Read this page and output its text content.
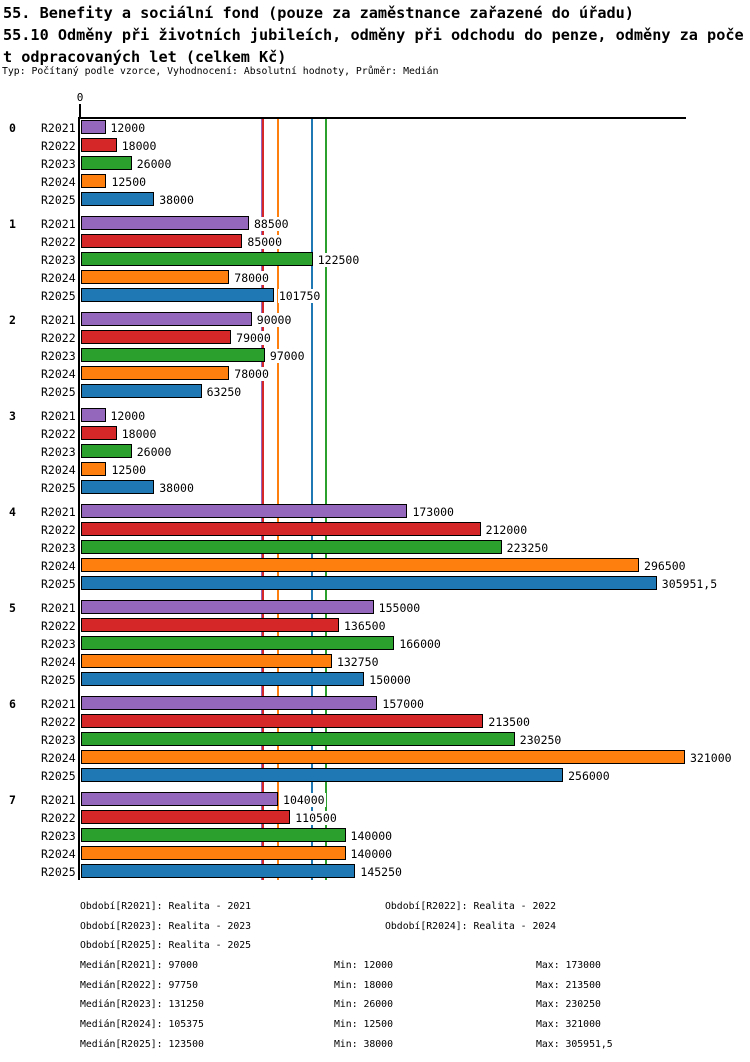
55. Benefity a sociální fond (pouze za zaměstnance zařazené do úřadu)
55.10 Odměny při životních jubileích, odměny při odchodu do penze, odměny za poče
t odpracovaných let (celkem Kč)
Typ: Počítaný podle vzorce, Vyhodnocení: Absolutní hodnoty, Průměr: Medián
0
0 R2021	12000
R2022	18000
R2023	26000
R2024	12500
R2025	38000
1 R2021	88500
R2022	85000
R2023	122500
R2024	78000
R2025	101750
2 R2021	90000
R2022	79000
R2023	97000
R2024	78000
R2025	63250
3 R2021	12000
R2022	18000
R2023	26000
R2024	12500
R2025	38000
4 R2021	173000
R2022	212000
R2023	223250
R2024	296500
R2025	305951,5
5 R2021	155000
R2022	136500
R2023	166000
R2024	132750
R2025	150000
6 R2021	157000
R2022	213500
R2023	230250
R2024	321000
R2025	256000
7 R2021	104000
R2022	110500
R2023	140000
R2024	140000
R2025	145250
Období[R2021]: Realita - 2021	Období[R2022]: Realita - 2022
Období[R2023]: Realita - 2023	Období[R2024]: Realita - 2024
Období[R2025]: Realita - 2025
Medián[R2021]: 97000	Min: 12000	Max: 173000
Medián[R2022]: 97750	Min: 18000	Max: 213500
Medián[R2023]: 131250	Min: 26000	Max: 230250
Medián[R2024]: 105375	Min: 12500	Max: 321000
Medián[R2025]: 123500	Min: 38000	Max: 305951,5
